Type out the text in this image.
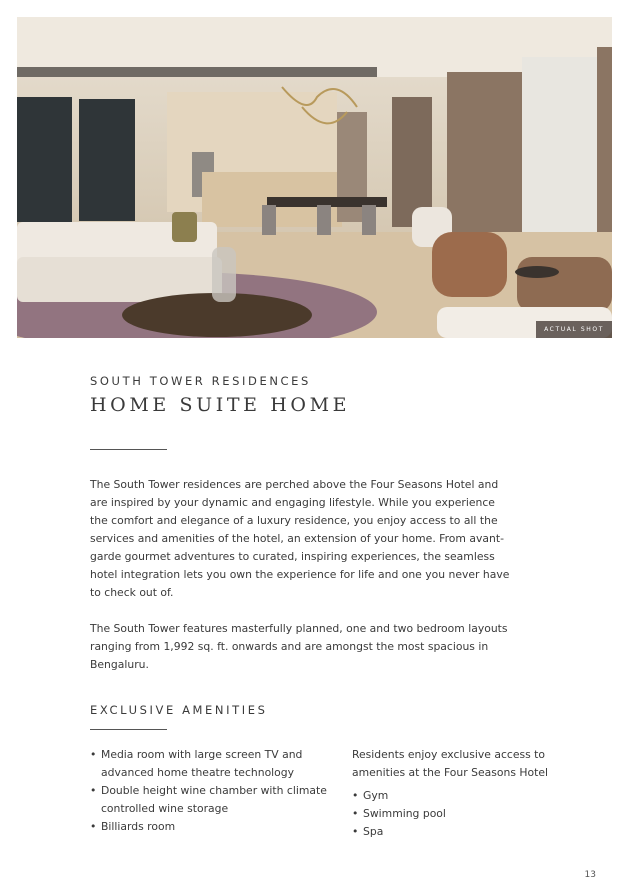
ACTUAL SHOT
SOUTH TOWER RESIDENCES
HOME SUITE HOME

The South Tower residences are perched above the Four Seasons Hotel and are inspired by your dynamic and engaging lifestyle. While you experience the comfort and elegance of a luxury residence, you enjoy access to all the services and amenities of the hotel, an extension of your home. From avant-garde gourmet adventures to curated, inspiring experiences, the seamless hotel integration lets you own the experience for life and one you never have to check out of.

The South Tower features masterfully planned, one and two bedroom layouts ranging from 1,992 sq. ft. onwards and are amongst the most spacious in Bengaluru.

EXCLUSIVE AMENITIES
• Media room with large screen TV and advanced home theatre technology
• Double height wine chamber with climate controlled wine storage
• Billiards room

Residents enjoy exclusive access to amenities at the Four Seasons Hotel

• Gym
• Swimming pool
• Spa
13
